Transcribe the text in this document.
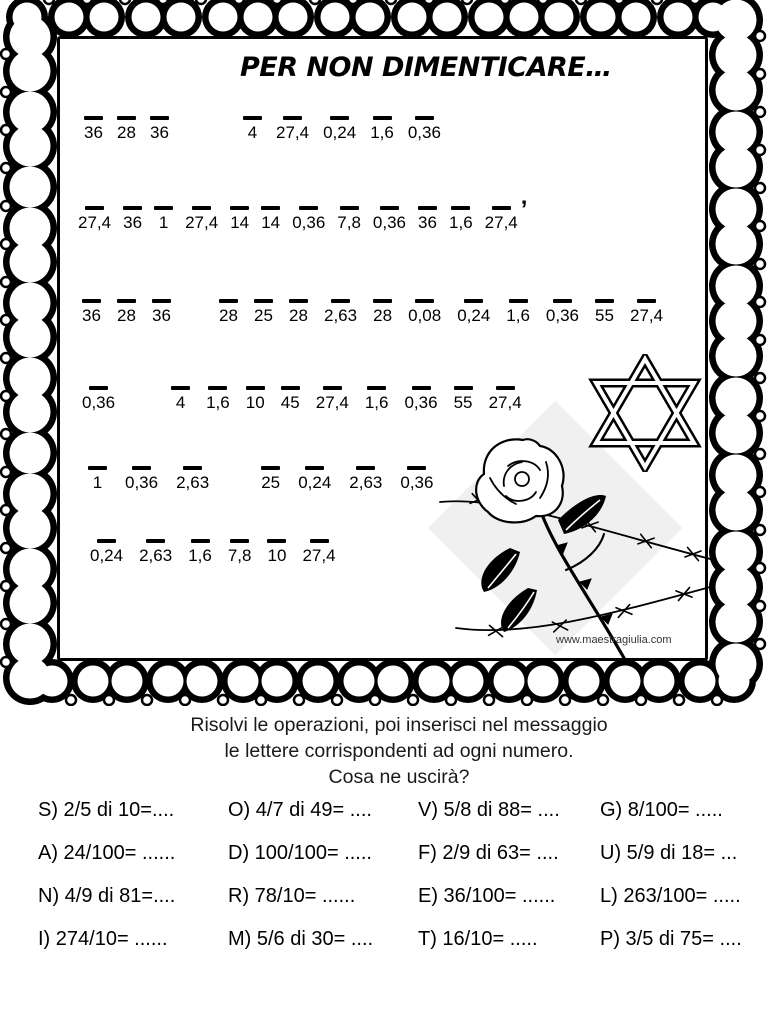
PER NON DIMENTICARE…
36 28 36	4 27,4 0,24 1,6 0,36
27,4 36 1 27,4 14 14 0,36 7,8 0,36 36 1,6 27,4 ’
36 28 36	28 25 28 2,63 28 0,08 0,24 1,6 0,36 55 27,4
0,36	4 1,6 10 45 27,4 1,6 0,36 55 27,4
1 0,36 2,63	25 0,24 2,63 0,36
0,24 2,63 1,6 7,8 10 27,4
www.maestragiulia.com
Risolvi le operazioni, poi inserisci nel messaggio
le lettere corrispondenti ad ogni numero.
Cosa ne uscirà?
S) 2/5 di 10=....	O) 4/7 di 49= ....	V) 5/8 di 88= ....	G) 8/100= .....
A) 24/100= ......	D) 100/100= .....	F) 2/9 di 63= ....	U) 5/9 di 18= ...
N) 4/9 di 81=....	R) 78/10= ......	E) 36/100= ......	L) 263/100= .....
I) 274/10= ......	M) 5/6 di 30= ....	T) 16/10= .....	P) 3/5 di 75= ....
